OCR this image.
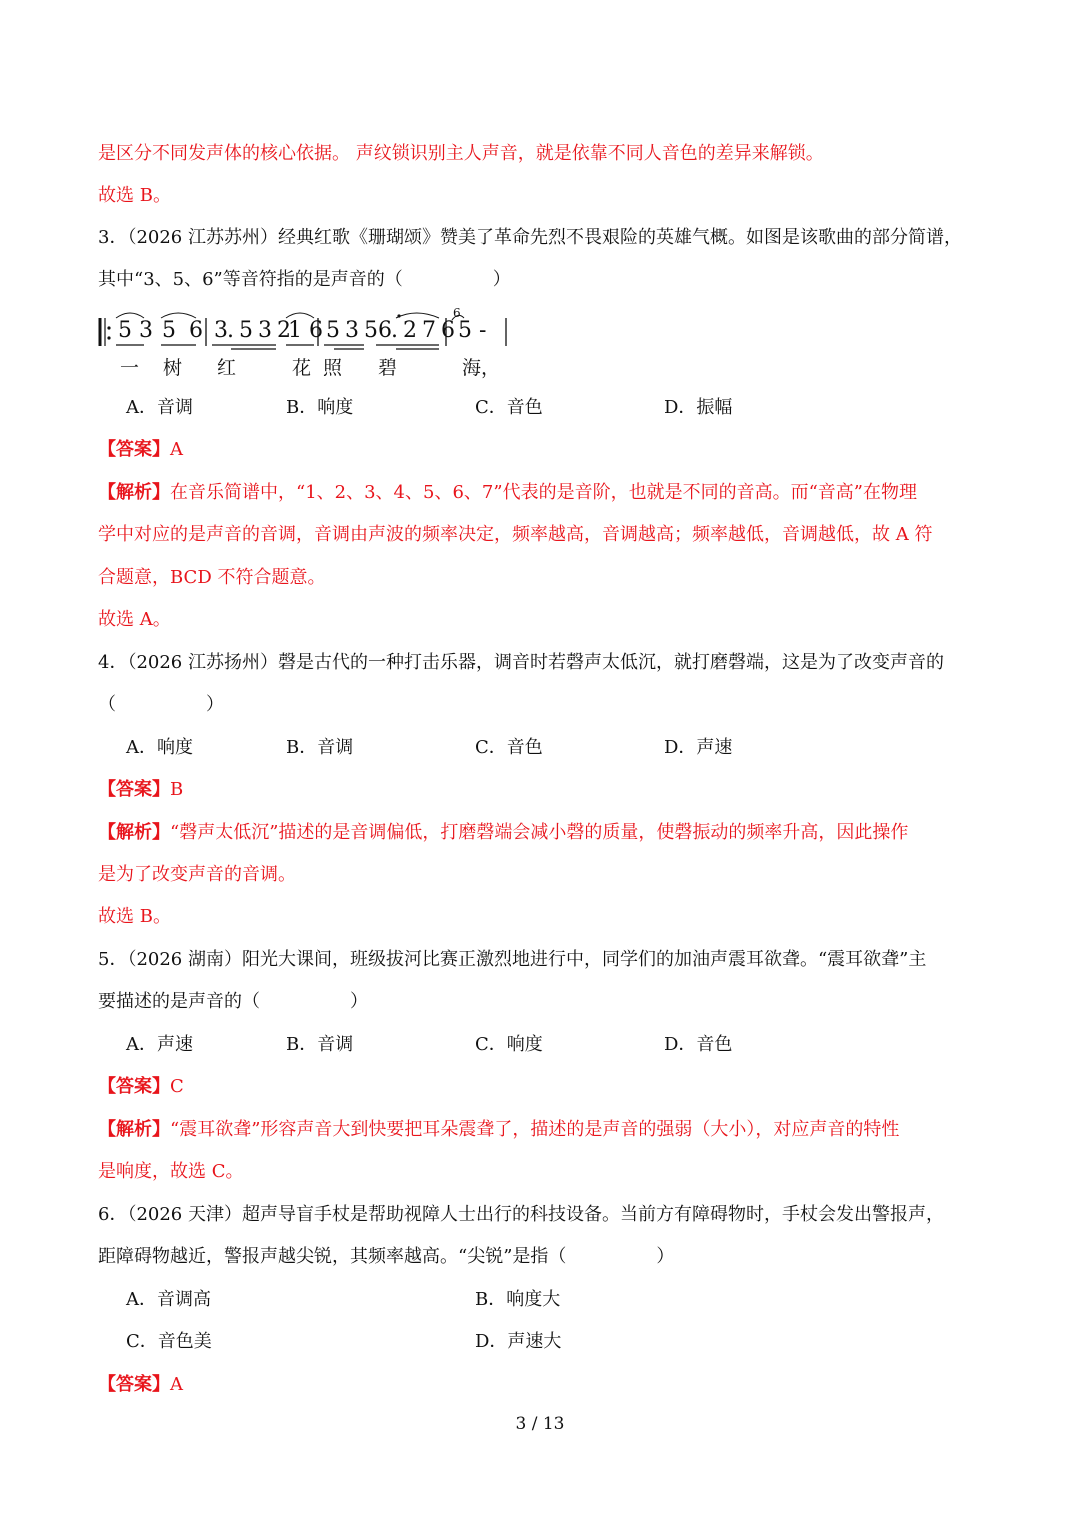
是区分不同发声体的核心依据。 声纹锁识别主人声音，就是依靠不同人音色的差异来解锁。
故选 B。
3．（2026 江苏苏州）经典红歌《珊瑚颂》赞美了革命先烈不畏艰险的英雄气概。如图是该歌曲的部分简谱，
其中“3、5、6”等音符指的是声音的（　　　　　）
5 3 5 6 3. 5 3 2
1 6 5 3 5 6. 2 7 6
6
5 -
一 树 红	花 照 碧	海，
A．音调	B．响度	C．音色	D．振幅
【答案】A
【解析】在音乐简谱中，“1、2、3、4、5、6、7”代表的是音阶，也就是不同的音高。而“音高”在物理
学中对应的是声音的音调，音调由声波的频率决定，频率越高，音调越高；频率越低，音调越低，故 A 符
合题意，BCD 不符合题意。
故选 A。
4．（2026 江苏扬州）磬是古代的一种打击乐器，调音时若磬声太低沉，就打磨磬端，这是为了改变声音的
（　　　　　）
A．响度	B．音调	C．音色	D．声速
【答案】B
【解析】“磬声太低沉”描述的是音调偏低，打磨磬端会减小磬的质量，使磬振动的频率升高，因此操作
是为了改变声音的音调。
故选 B。
5．（2026 湖南）阳光大课间，班级拔河比赛正激烈地进行中，同学们的加油声震耳欲聋。“震耳欲聋”主
要描述的是声音的（　　　　　）
A．声速	B．音调	C．响度	D．音色
【答案】C
【解析】“震耳欲聋”形容声音大到快要把耳朵震聋了，描述的是声音的强弱（大小），对应声音的特性
是响度，故选 C。
6．（2026 天津）超声导盲手杖是帮助视障人士出行的科技设备。当前方有障碍物时，手杖会发出警报声，
距障碍物越近，警报声越尖锐，其频率越高。“尖锐”是指（　　　　　）
A．音调高	B．响度大
C．音色美	D．声速大
【答案】A
3 / 13
